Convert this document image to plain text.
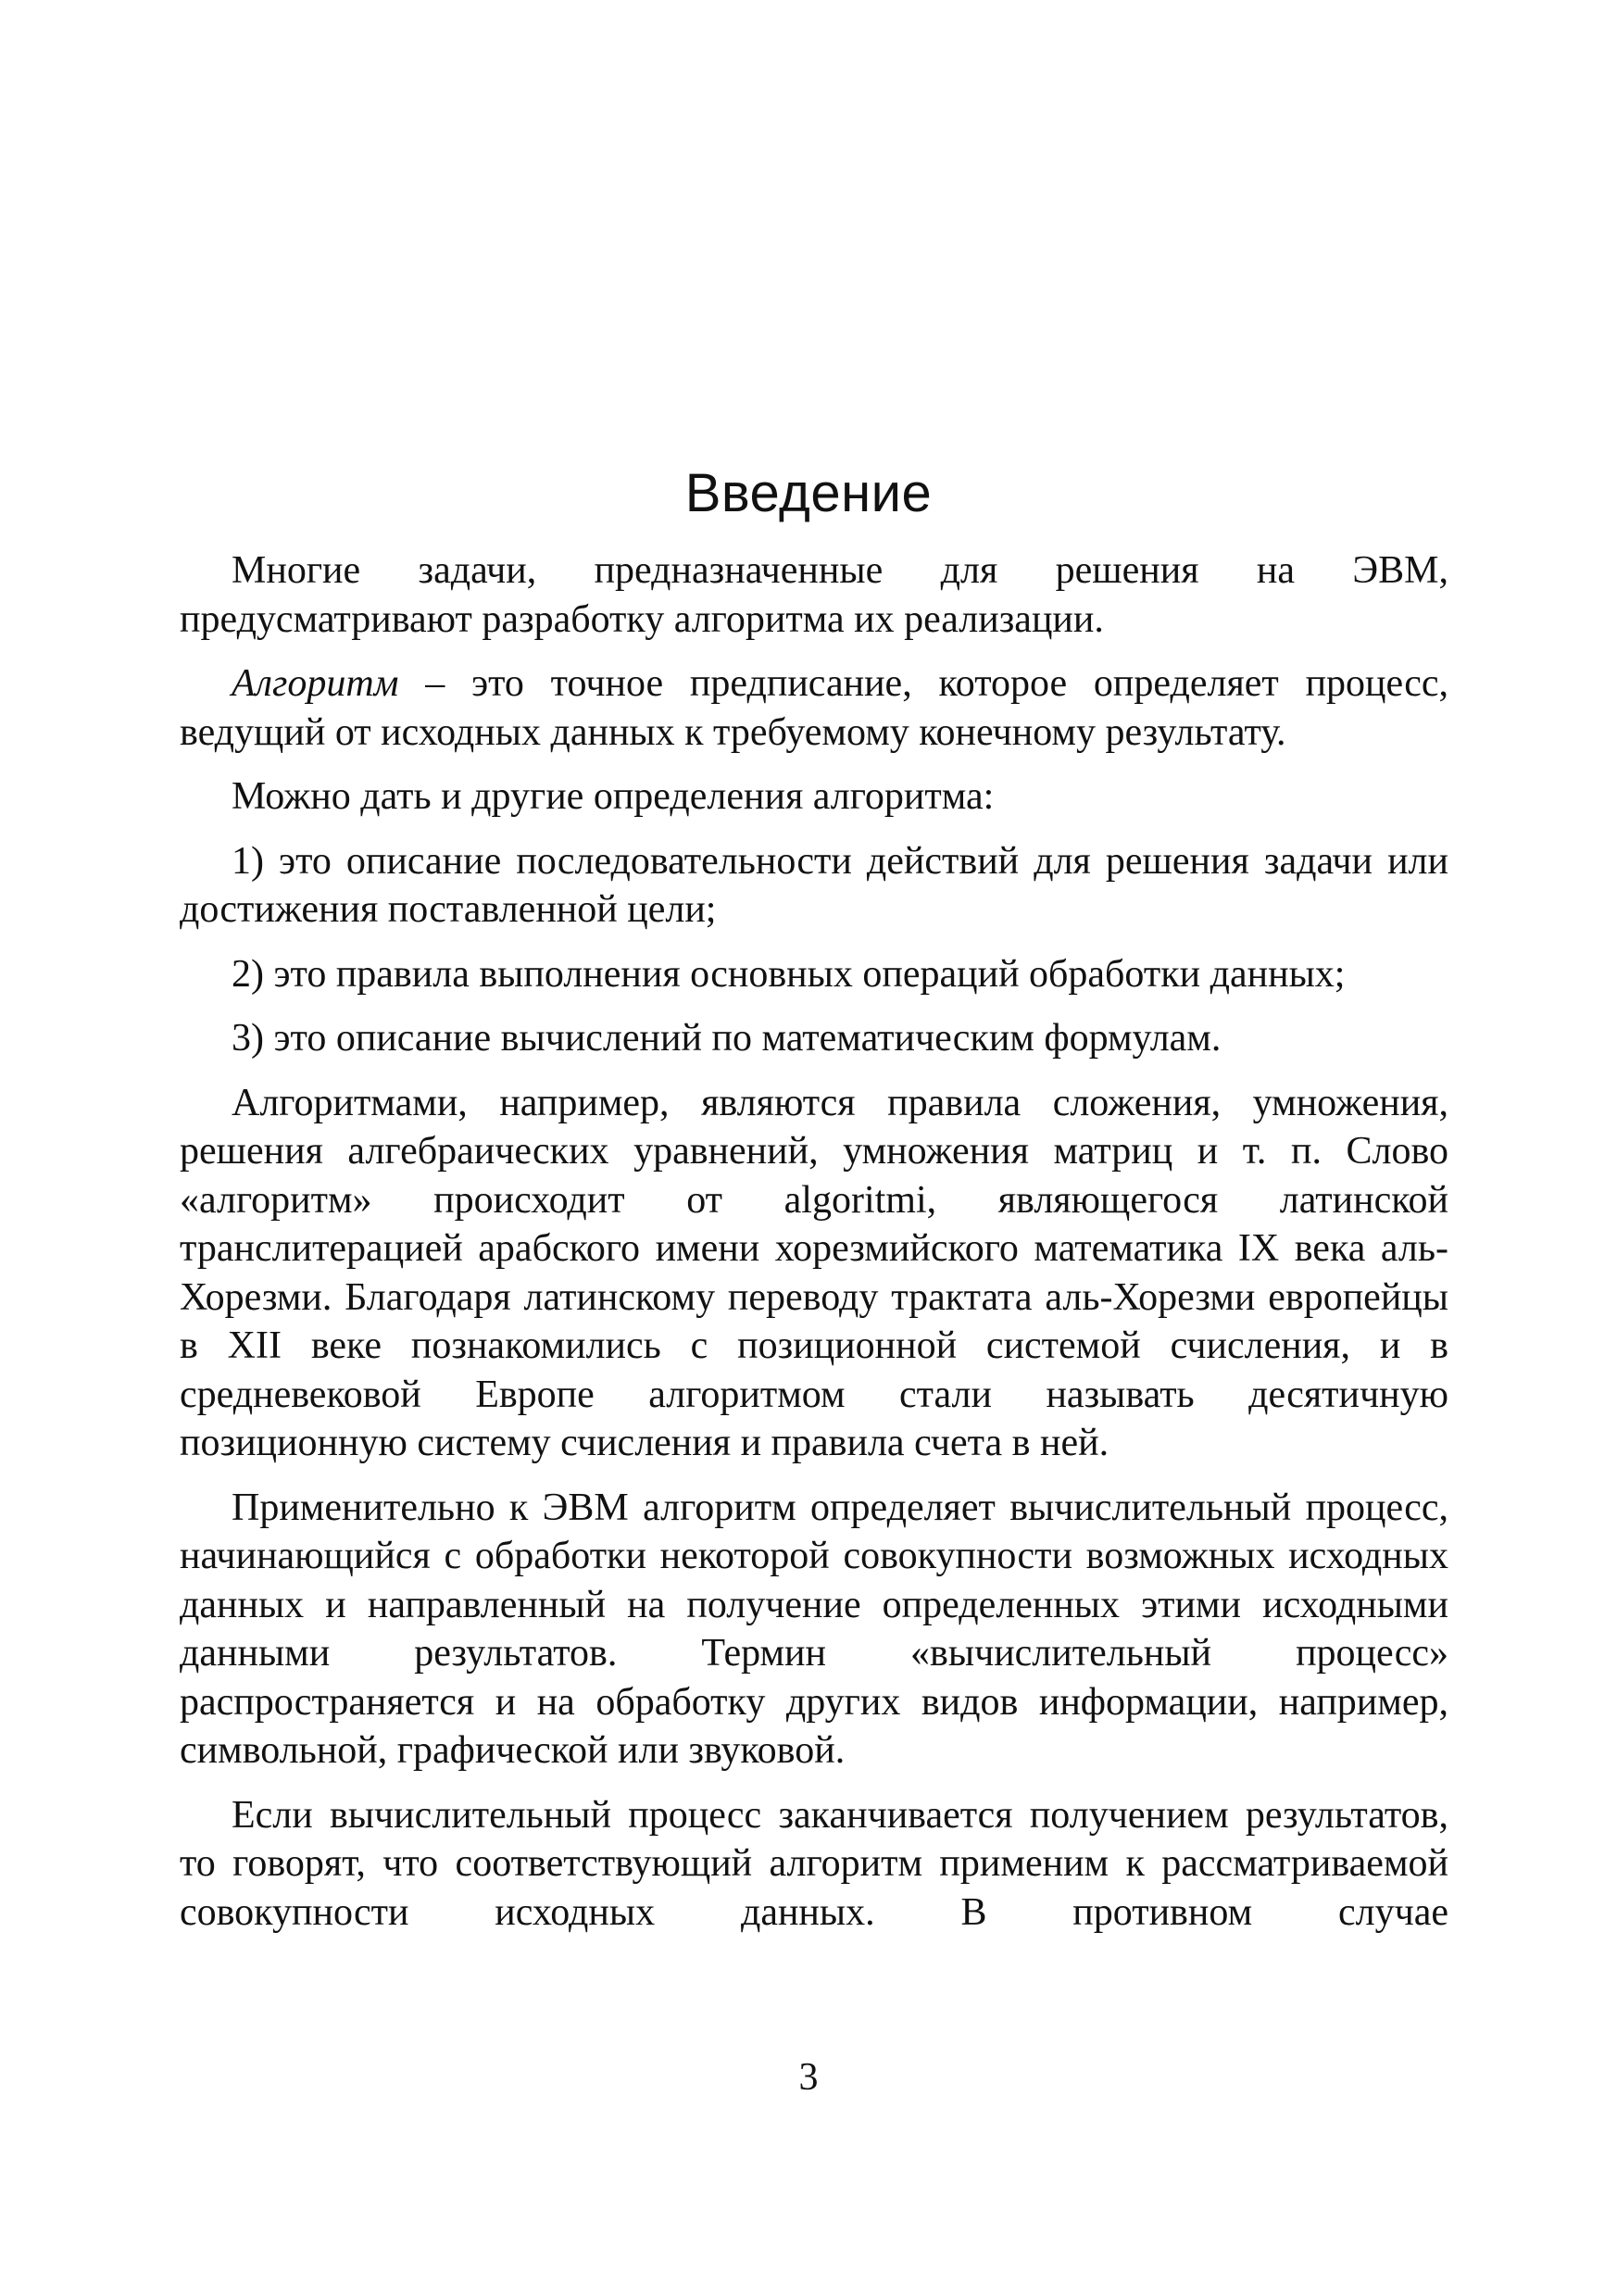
Введение

Многие задачи, предназначенные для решения на ЭВМ, предусматривают разработку алгоритма их реализации.

Алгоритм – это точное предписание, которое определяет процесс, ведущий от исходных данных к требуемому конечному результату.

Можно дать и другие определения алгоритма:

1) это описание последовательности действий для решения задачи или достижения поставленной цели;

2) это правила выполнения основных операций обработки данных;

3) это описание вычислений по математическим формулам.

Алгоритмами, например, являются правила сложения, умножения, решения алгебраических уравнений, умножения матриц и т. п. Слово «алгоритм» происходит от algoritmi, являющегося латинской транслитерацией арабского имени хорезмийского математика IX века аль-Хорезми. Благодаря латинскому переводу трактата аль-Хорезми европейцы в XII веке познакомились с позиционной системой счисления, и в средневековой Европе алгоритмом стали называть десятичную позиционную систему счисления и правила счета в ней.

Применительно к ЭВМ алгоритм определяет вычислительный процесс, начинающийся с обработки некоторой совокупности возможных исходных данных и направленный на получение определенных этими исходными данными результатов. Термин «вычислительный процесс» распространяется и на обработку других видов информации, например, символьной, графической или звуковой.

Если вычислительный процесс заканчивается получением результатов, то говорят, что соответствующий алгоритм применим к рассматриваемой совокупности исходных данных. В противном случае

3
